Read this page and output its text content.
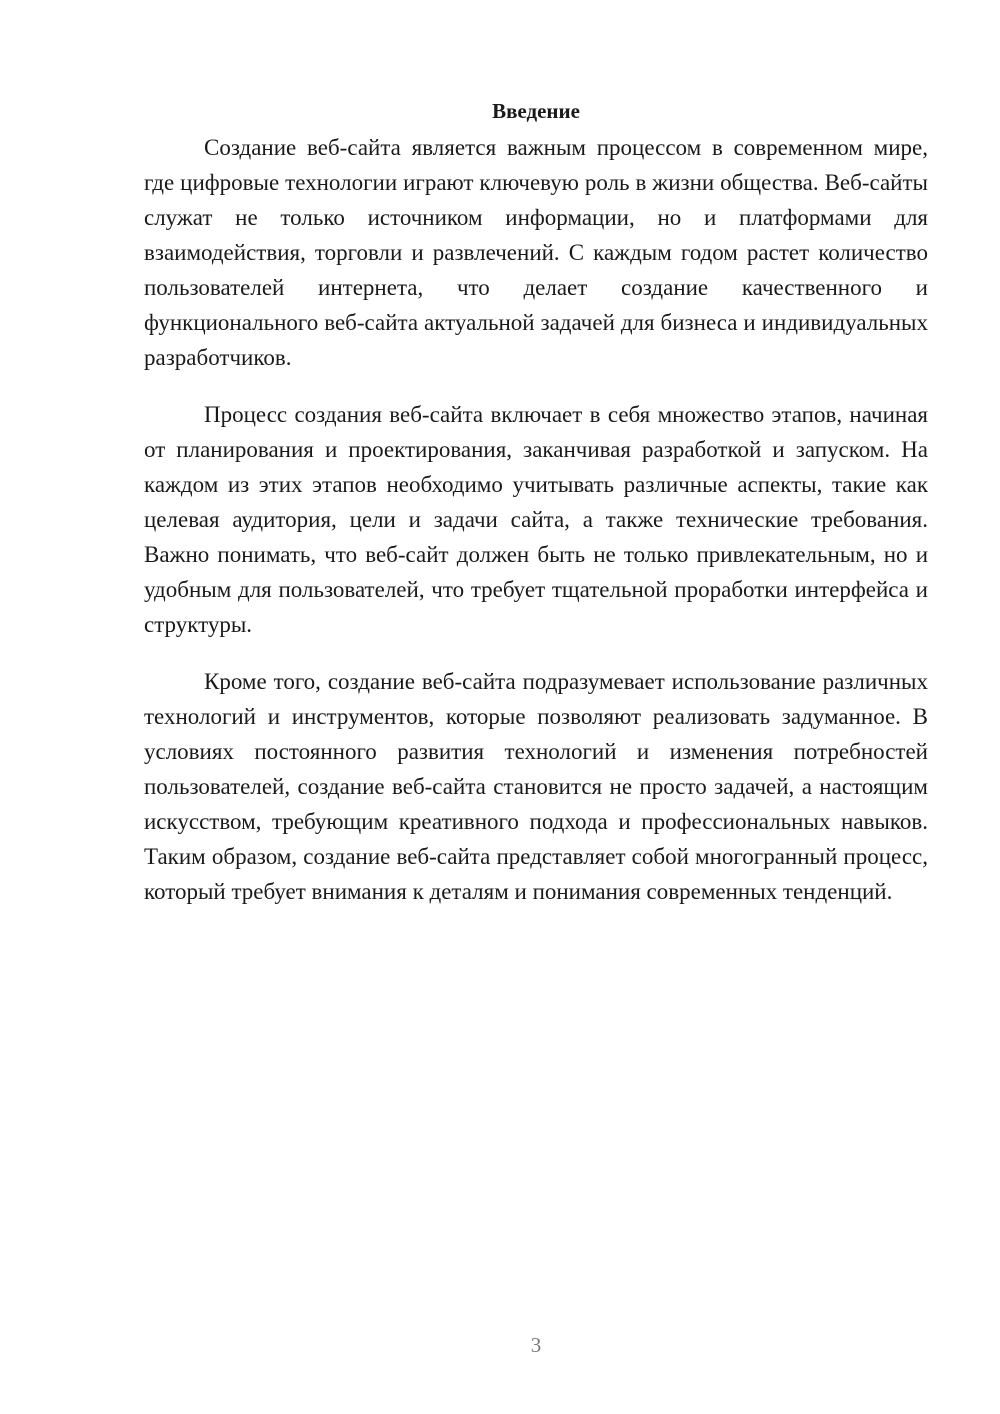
Введение

Создание веб-сайта является важным процессом в современном мире, где цифровые технологии играют ключевую роль в жизни общества. Веб-сайты служат не только источником информации, но и платформами для взаимодействия, торговли и развлечений. С каждым годом растет количество пользователей интернета, что делает создание качественного и функционального веб-сайта актуальной задачей для бизнеса и индивидуальных разработчиков.

Процесс создания веб-сайта включает в себя множество этапов, начиная от планирования и проектирования, заканчивая разработкой и запуском. На каждом из этих этапов необходимо учитывать различные аспекты, такие как целевая аудитория, цели и задачи сайта, а также технические требования. Важно понимать, что веб-сайт должен быть не только привлекательным, но и удобным для пользователей, что требует тщательной проработки интерфейса и структуры.

Кроме того, создание веб-сайта подразумевает использование различных технологий и инструментов, которые позволяют реализовать задуманное. В условиях постоянного развития технологий и изменения потребностей пользователей, создание веб-сайта становится не просто задачей, а настоящим искусством, требующим креативного подхода и профессиональных навыков. Таким образом, создание веб-сайта представляет собой многогранный процесс, который требует внимания к деталям и понимания современных тенденций.

3
